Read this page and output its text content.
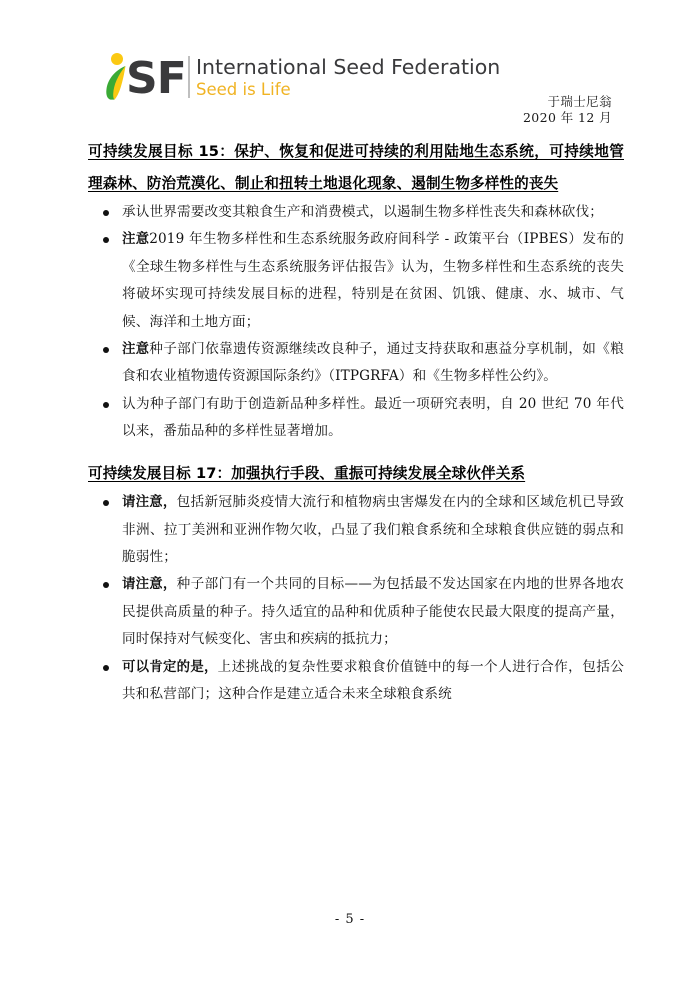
SF International Seed Federation
Seed is Life
于瑞士尼翁
2020 年 12 月
可持续发展目标 15：保护、恢复和促进可持续的利用陆地生态系统，可持续地管理森林、防治荒漠化、制止和扭转土地退化现象、遏制生物多样性的丧失
承认世界需要改变其粮食生产和消费模式，以遏制生物多样性丧失和森林砍伐；
注意2019 年生物多样性和生态系统服务政府间科学 - 政策平台（IPBES）发布的《全球生物多样性与生态系统服务评估报告》认为，生物多样性和生态系统的丧失将破坏实现可持续发展目标的进程，特别是在贫困、饥饿、健康、水、城市、气候、海洋和土地方面；
注意种子部门依靠遗传资源继续改良种子，通过支持获取和惠益分享机制，如《粮食和农业植物遗传资源国际条约》（ITPGRFA）和《生物多样性公约》。
认为种子部门有助于创造新品种多样性。最近一项研究表明，自 20 世纪 70 年代以来，番茄品种的多样性显著增加。
可持续发展目标 17：加强执行手段、重振可持续发展全球伙伴关系
请注意，包括新冠肺炎疫情大流行和植物病虫害爆发在内的全球和区域危机已导致非洲、拉丁美洲和亚洲作物欠收，凸显了我们粮食系统和全球粮食供应链的弱点和脆弱性；
请注意，种子部门有一个共同的目标——为包括最不发达国家在内地的世界各地农民提供高质量的种子。持久适宜的品种和优质种子能使农民最大限度的提高产量，同时保持对气候变化、害虫和疾病的抵抗力；
可以肯定的是，上述挑战的复杂性要求粮食价值链中的每一个人进行合作，包括公共和私营部门；这种合作是建立适合未来全球粮食系统
- 5 -
